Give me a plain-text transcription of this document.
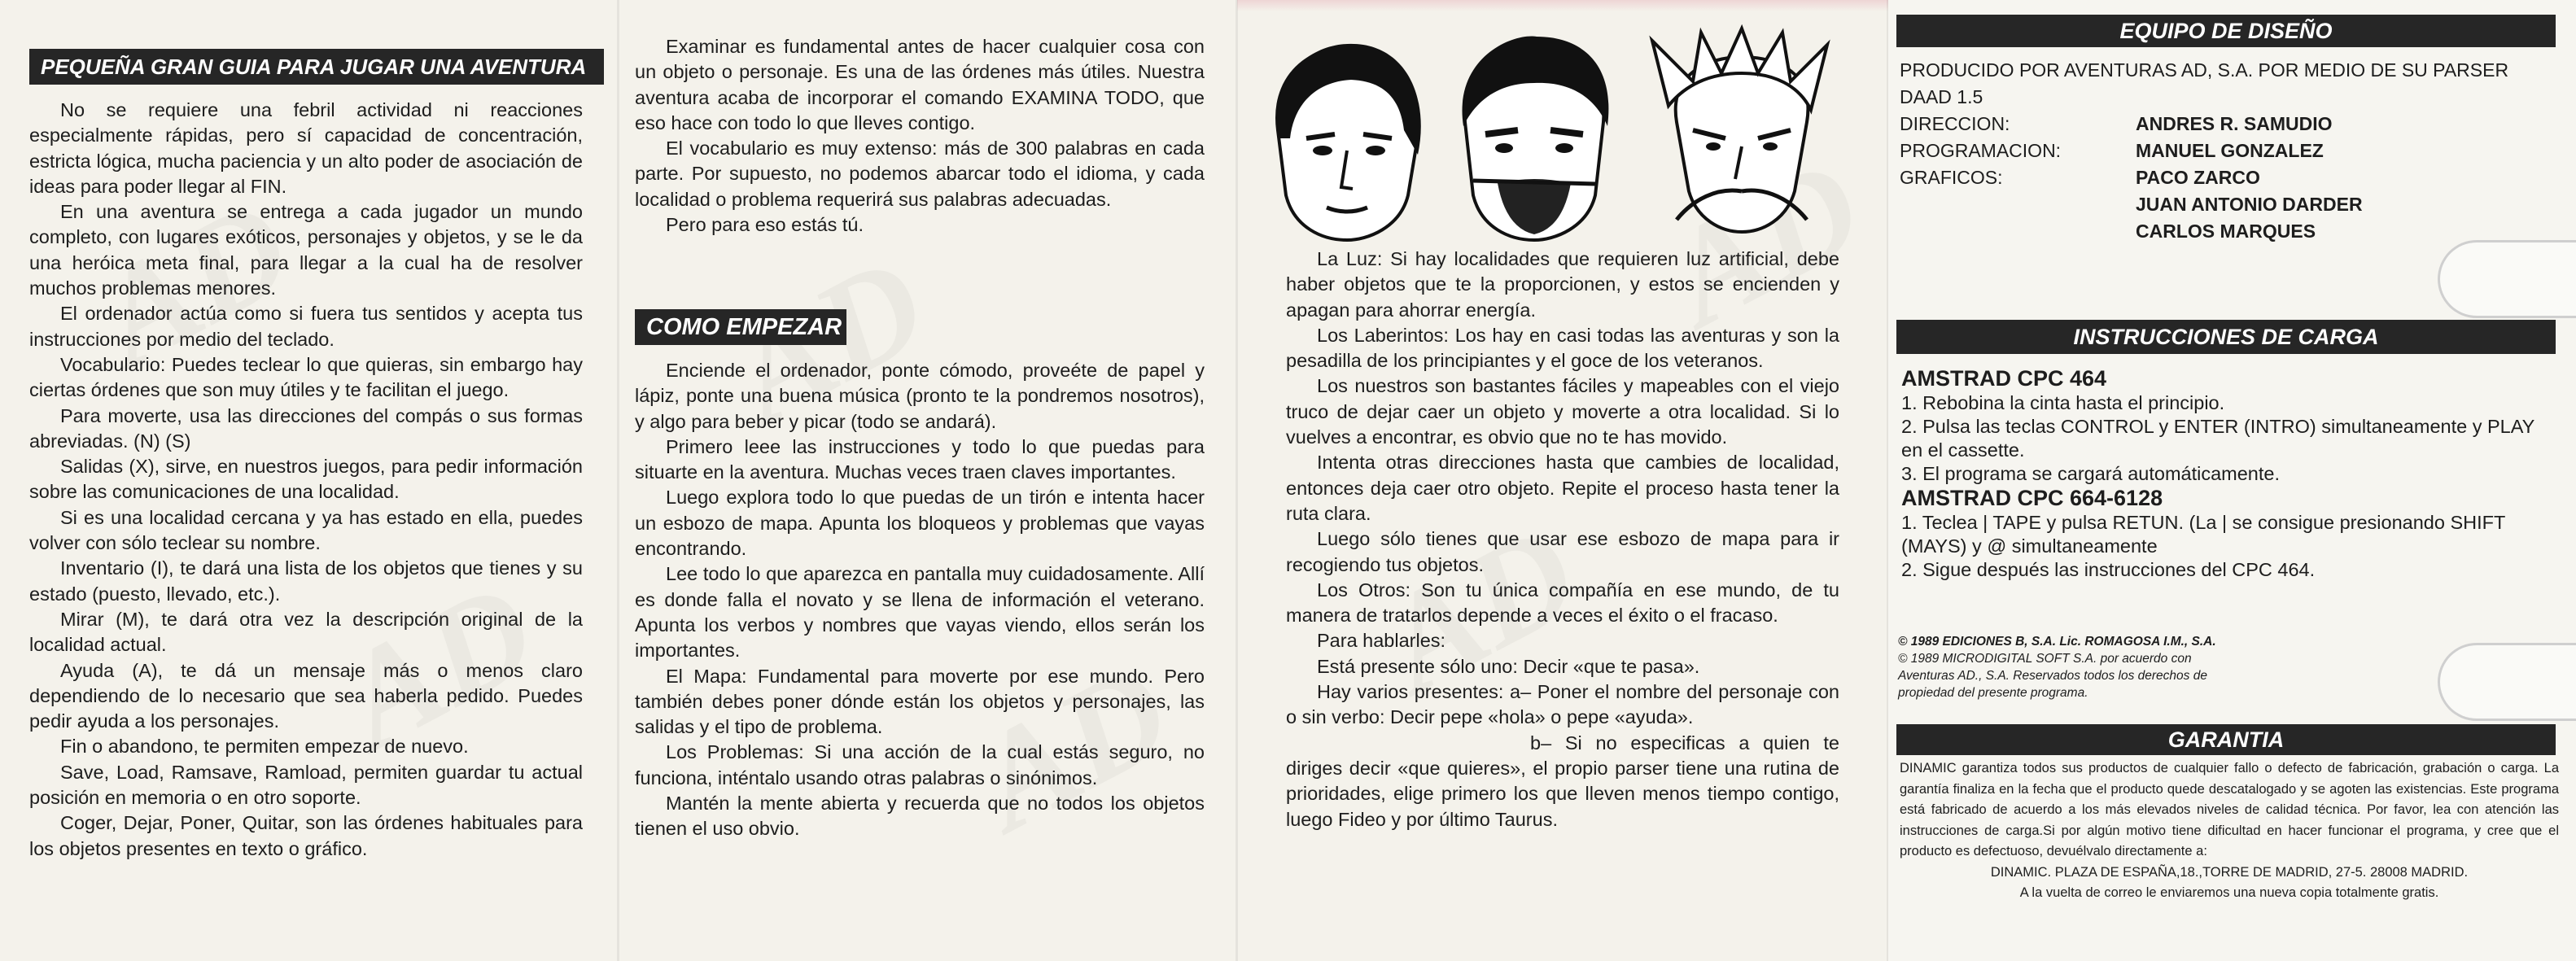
PEQUEÑA GRAN GUIA PARA JUGAR UNA AVENTURA

No se requiere una febril actividad ni reacciones especialmente rápidas, pero sí capacidad de concentración, estricta lógica, mucha paciencia y un alto poder de asociación de ideas para poder llegar al FIN.

En una aventura se entrega a cada jugador un mundo completo, con lugares exóticos, personajes y objetos, y se le da una heróica meta final, para llegar a la cual ha de resolver muchos problemas menores.

El ordenador actúa como si fuera tus sentidos y acepta tus instrucciones por medio del teclado.

Vocabulario: Puedes teclear lo que quieras, sin embargo hay ciertas órdenes que son muy útiles y te facilitan el juego.

Para moverte, usa las direcciones del compás o sus formas abreviadas. (N) (S)

Salidas (X), sirve, en nuestros juegos, para pedir información sobre las comunicaciones de una localidad.

Si es una localidad cercana y ya has estado en ella, puedes volver con sólo teclear su nombre.

Inventario (I), te dará una lista de los objetos que tienes y su estado (puesto, llevado, etc.).

Mirar (M), te dará otra vez la descripción original de la localidad actual.

Ayuda (A), te dá un mensaje más o menos claro dependiendo de lo necesario que sea haberla pedido. Puedes pedir ayuda a los personajes.

Fin o abandono, te permiten empezar de nuevo.

Save, Load, Ramsave, Ramload, permiten guardar tu actual posición en memoria o en otro soporte.

Coger, Dejar, Poner, Quitar, son las órdenes habituales para los objetos presentes en texto o gráfico.

Examinar es fundamental antes de hacer cualquier cosa con un objeto o personaje. Es una de las órdenes más útiles. Nuestra aventura acaba de incorporar el comando EXAMINA TODO, que eso hace con todo lo que lleves contigo.

El vocabulario es muy extenso: más de 300 palabras en cada parte. Por supuesto, no podemos abarcar todo el idioma, y cada localidad o problema requerirá sus palabras adecuadas.

Pero para eso estás tú.

COMO EMPEZAR

Enciende el ordenador, ponte cómodo, proveéte de papel y lápiz, ponte una buena música (pronto te la pondremos nosotros), y algo para beber y picar (todo se andará).

Primero leee las instrucciones y todo lo que puedas para situarte en la aventura. Muchas veces traen claves importantes.

Luego explora todo lo que puedas de un tirón e intenta hacer un esbozo de mapa. Apunta los bloqueos y problemas que vayas encontrando.

Lee todo lo que aparezca en pantalla muy cuidadosamente. Allí es donde falla el novato y se llena de información el veterano. Apunta los verbos y nombres que vayas viendo, ellos serán los importantes.

El Mapa: Fundamental para moverte por ese mundo. Pero también debes poner dónde están los objetos y personajes, las salidas y el tipo de problema.

Los Problemas: Si una acción de la cual estás seguro, no funciona, inténtalo usando otras palabras o sinónimos.

Mantén la mente abierta y recuerda que no todos los objetos tienen el uso obvio.

La Luz: Si hay localidades que requieren luz artificial, debe haber objetos que te la proporcionen, y estos se encienden y apagan para ahorrar energía.

Los Laberintos: Los hay en casi todas las aventuras y son la pesadilla de los principiantes y el goce de los veteranos.

Los nuestros son bastantes fáciles y mapeables con el viejo truco de dejar caer un objeto y moverte a otra localidad. Si lo vuelves a encontrar, es obvio que no te has movido.

Intenta otras direcciones hasta que cambies de localidad, entonces deja caer otro objeto. Repite el proceso hasta tener la ruta clara.

Luego sólo tienes que usar ese esbozo de mapa para ir recogiendo tus objetos.

Los Otros: Son tu única compañía en ese mundo, de tu manera de tratarlos depende a veces el éxito o el fracaso.

Para hablarles:

Está presente sólo uno: Decir «que te pasa».

Hay varios presentes: a– Poner el nombre del personaje con o sin verbo: Decir pepe «hola» o pepe «ayuda».

b– Si no especificas a quien te diriges decir «que quieres», el propio parser tiene una rutina de prioridades, elige primero los que lleven menos tiempo contigo, luego Fideo y por último Taurus.

EQUIPO DE DISEÑO
PRODUCIDO POR AVENTURAS AD, S.A. POR MEDIO DE SU PARSER DAAD 1.5
DIRECCION:	ANDRES R. SAMUDIO
PROGRAMACION:	MANUEL GONZALEZ
GRAFICOS:	PACO ZARCO
JUAN ANTONIO DARDER
CARLOS MARQUES
INSTRUCCIONES DE CARGA
AMSTRAD CPC 464
1. Rebobina la cinta hasta el principio.
2. Pulsa las teclas CONTROL y ENTER (INTRO) simultaneamente y PLAY en el cassette.
3. El programa se cargará automáticamente.
AMSTRAD CPC 664-6128
1. Teclea | TAPE y pulsa RETUN. (La | se consigue presionando SHIFT (MAYS) y @ simultaneamente
2. Sigue después las instrucciones del CPC 464.
© 1989 EDICIONES B, S.A. Lic. ROMAGOSA I.M., S.A.
© 1989 MICRODIGITAL SOFT S.A. por acuerdo con
Aventuras AD., S.A. Reservados todos los derechos de
propiedad del presente programa.
GARANTIA
DINAMIC garantiza todos sus productos de cualquier fallo o defecto de fabricación, grabación o carga. La garantía finaliza en la fecha que el producto quede descatalogado y se agoten las existencias. Este programa está fabricado de acuerdo a los más elevados niveles de calidad técnica. Por favor, lea con atención las instrucciones de carga.Si por algún motivo tiene dificultad en hacer funcionar el programa, y cree que el producto es defectuoso, devuélvalo directamente a:
DINAMIC. PLAZA DE ESPAÑA,18.,TORRE DE MADRID, 27-5. 28008 MADRID.
A la vuelta de correo le enviaremos una nueva copia totalmente gratis.
